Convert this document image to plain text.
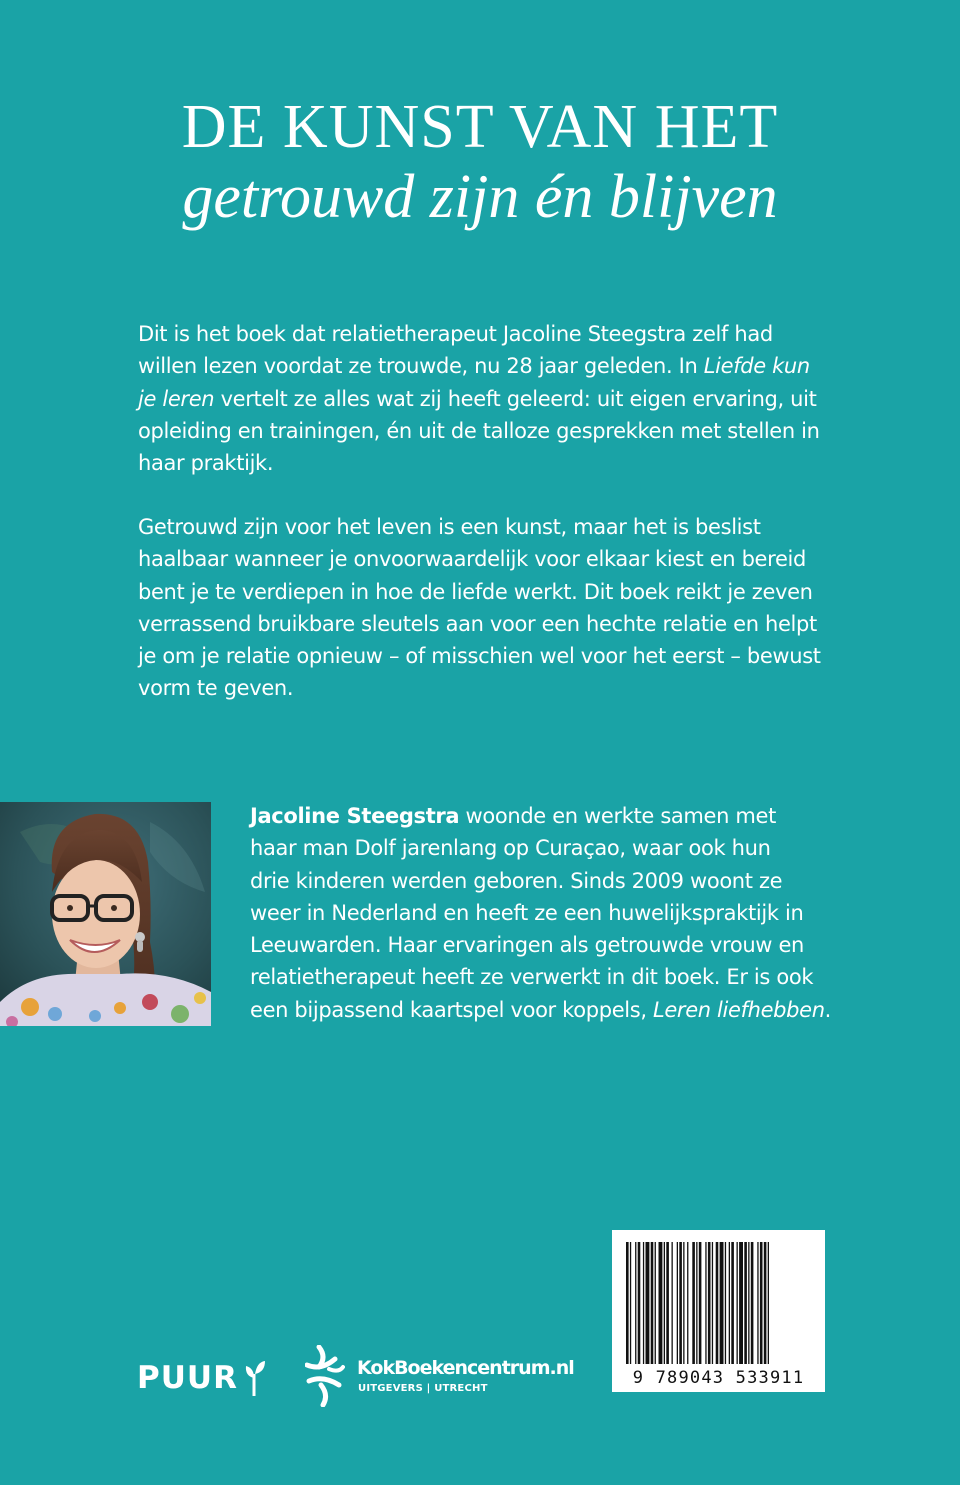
DE KUNST VAN HET
getrouwd zijn én blijven

Dit is het boek dat relatietherapeut Jacoline Steegstra zelf had
willen lezen voordat ze trouwde, nu 28 jaar geleden. In Liefde kun
je leren vertelt ze alles wat zij heeft geleerd: uit eigen ervaring, uit
opleiding en trainingen, én uit de talloze gesprekken met stellen in
haar praktijk.

Getrouwd zijn voor het leven is een kunst, maar het is beslist
haalbaar wanneer je onvoorwaardelijk voor elkaar kiest en bereid
bent je te verdiepen in hoe de liefde werkt. Dit boek reikt je zeven
verrassend bruikbare sleutels aan voor een hechte relatie en helpt
je om je relatie opnieuw – of misschien wel voor het eerst – bewust
vorm te geven.

Jacoline Steegstra woonde en werkte samen met
haar man Dolf jarenlang op Curaçao, waar ook hun
drie kinderen werden geboren. Sinds 2009 woont ze
weer in Nederland en heeft ze een huwelijkspraktijk in
Leeuwarden. Haar ervaringen als getrouwde vrouw en
relatietherapeut heeft ze verwerkt in dit boek. Er is ook
een bijpassend kaartspel voor koppels, Leren liefhebben.

PUUR	KokBoekencentrum.nl
UITGEVERS | UTRECHT
9 789043 533911
